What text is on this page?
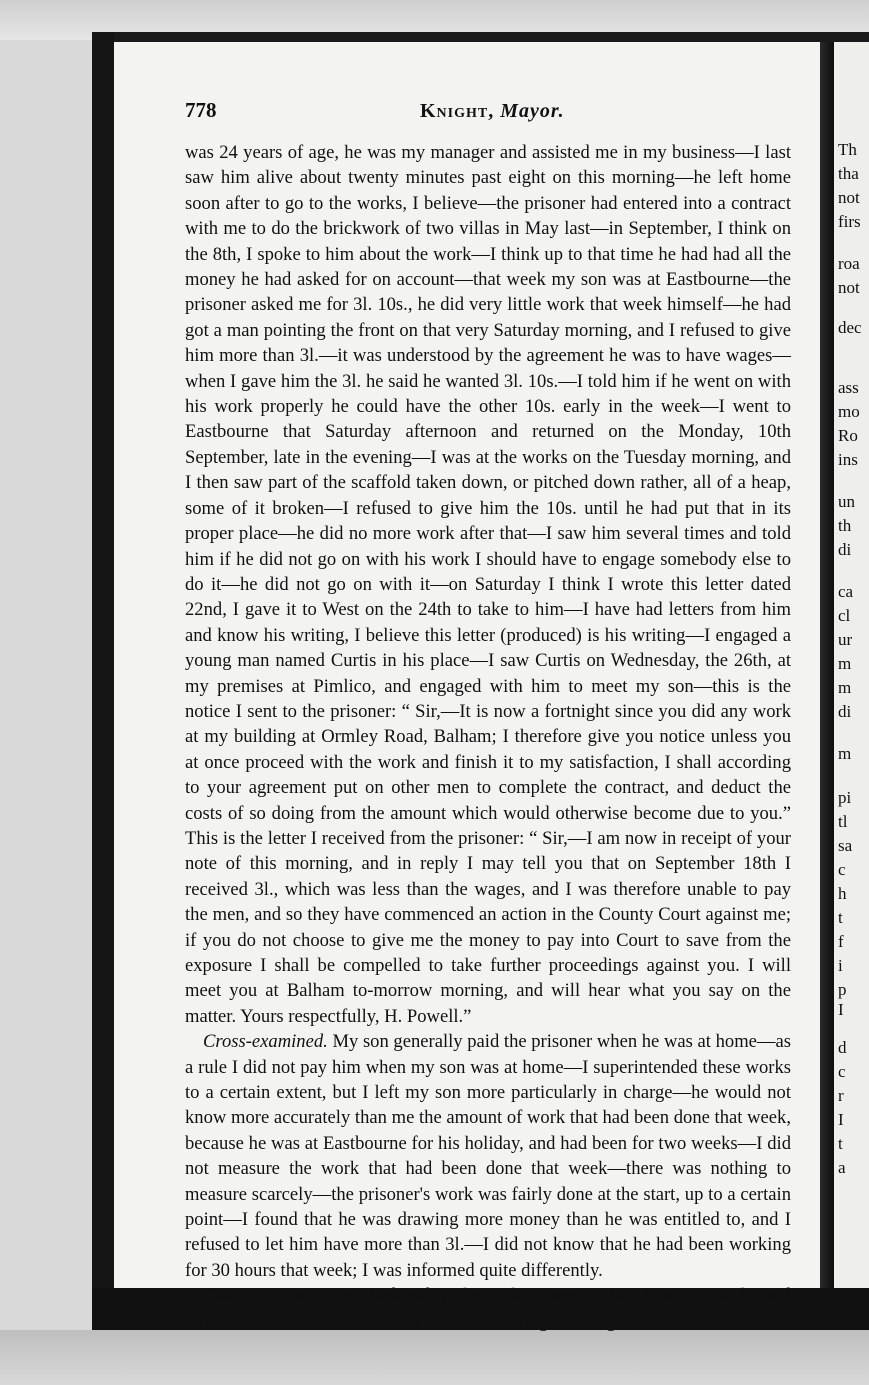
Th
tha
not
firs
roa
not
dec
ass
mo
Ro
ins
un
th
di
ca
cl
ur
m
m
di
m
pi
tl
sa
c
h
t
f
i
p
I
d
c
r
I
t
a
778	Knight, Mayor.

was 24 years of age, he was my manager and assisted me in my business—I last saw him alive about twenty minutes past eight on this morning—he left home soon after to go to the works, I believe—the prisoner had entered into a contract with me to do the brickwork of two villas in May last—in September, I think on the 8th, I spoke to him about the work—I think up to that time he had had all the money he had asked for on account—that week my son was at Eastbourne—the prisoner asked me for 3l. 10s., he did very little work that week himself—he had got a man pointing the front on that very Saturday morning, and I refused to give him more than 3l.—it was understood by the agreement he was to have wages—when I gave him the 3l. he said he wanted 3l. 10s.—I told him if he went on with his work properly he could have the other 10s. early in the week—I went to Eastbourne that Saturday afternoon and returned on the Monday, 10th September, late in the evening—I was at the works on the Tuesday morning, and I then saw part of the scaffold taken down, or pitched down rather, all of a heap, some of it broken—I refused to give him the 10s. until he had put that in its proper place—he did no more work after that—I saw him several times and told him if he did not go on with his work I should have to engage somebody else to do it—he did not go on with it—on Saturday I think I wrote this letter dated 22nd, I gave it to West on the 24th to take to him—I have had letters from him and know his writing, I believe this letter (produced) is his writing—I engaged a young man named Curtis in his place—I saw Curtis on Wednesday, the 26th, at my premises at Pimlico, and engaged with him to meet my son—this is the notice I sent to the prisoner: “ Sir,—It is now a fortnight since you did any work at my building at Ormley Road, Balham; I therefore give you notice unless you at once proceed with the work and finish it to my satisfaction, I shall according to your agreement put on other men to complete the contract, and deduct the costs of so doing from the amount which would otherwise become due to you.” This is the letter I received from the prisoner: “ Sir,—I am now in receipt of your note of this morning, and in reply I may tell you that on September 18th I received 3l., which was less than the wages, and I was therefore unable to pay the men, and so they have commenced an action in the County Court against me; if you do not choose to give me the money to pay into Court to save from the exposure I shall be compelled to take further proceedings against you. I will meet you at Balham to-morrow morning, and will hear what you say on the matter. Yours respectfully, H. Powell.”

Cross-examined. My son generally paid the prisoner when he was at home—as a rule I did not pay him when my son was at home—I superintended these works to a certain extent, but I left my son more particularly in charge—he would not know more accurately than me the amount of work that had been done that week, because he was at Eastbourne for his holiday, and had been for two weeks—I did not measure the work that had been done that week—there was nothing to measure scarcely—the prisoner's work was fairly done at the start, up to a certain point—I found that he was drawing more money than he was entitled to, and I refused to let him have more than 3l.—I did not know that he had been working for 30 hours that week; I was informed quite differently.

Charles Curtis. On Wednesday, the 26th, I went to Mr. Bruton's works and took certain measurements, and on the following morning,
